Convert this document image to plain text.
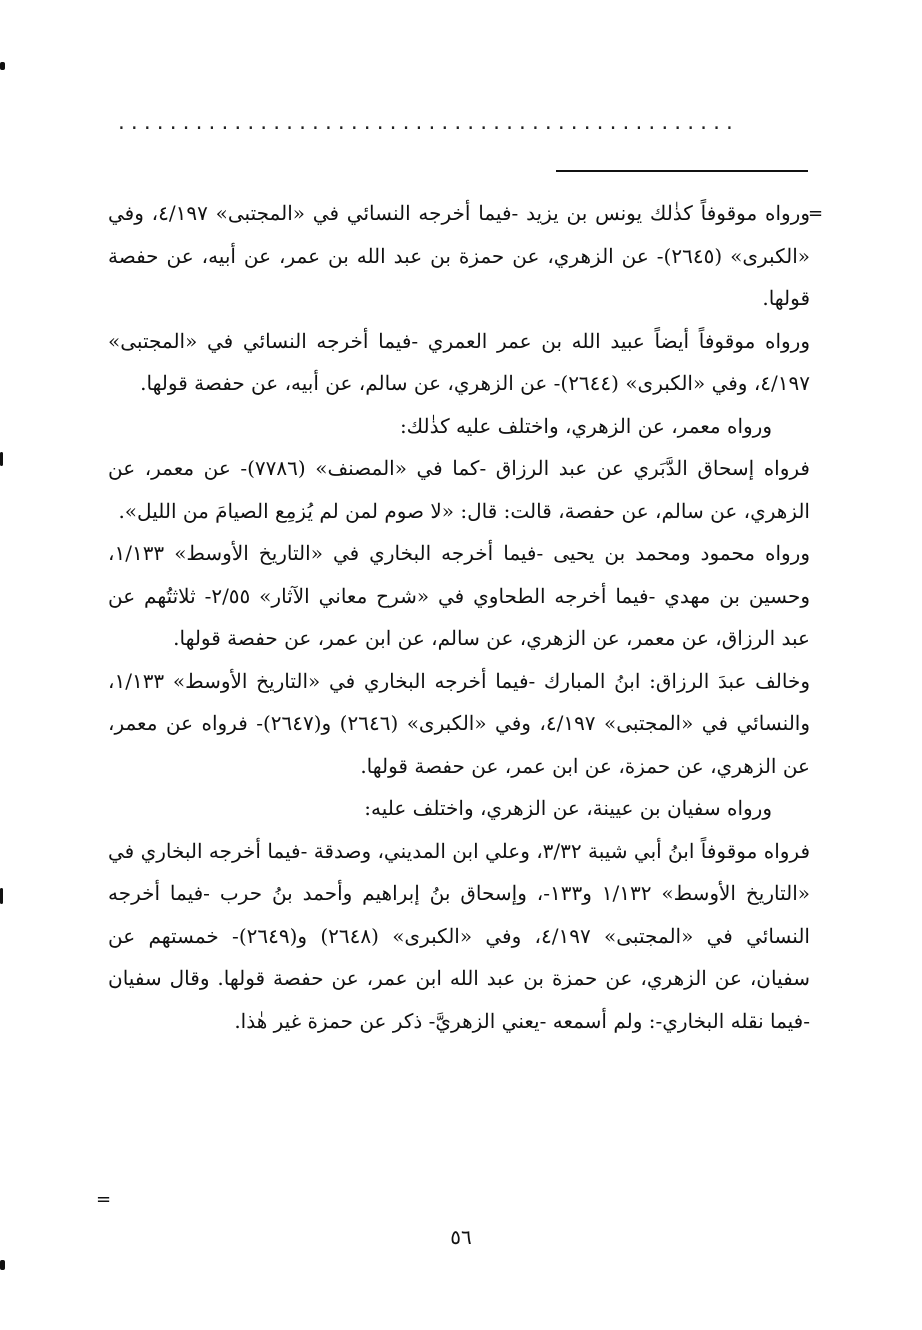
................................................
=

ورواه موقوفاً كذٰلك يونس بن يزيد -فيما أخرجه النسائي في «المجتبى» ٤/١٩٧، وفي «الكبرى» (٢٦٤٥)- عن الزهري، عن حمزة بن عبد الله بن عمر، عن أبيه، عن حفصة قولها.

ورواه موقوفاً أيضاً عبيد الله بن عمر العمري -فيما أخرجه النسائي في «المجتبى» ٤/١٩٧، وفي «الكبرى» (٢٦٤٤)- عن الزهري، عن سالم، عن أبيه، عن حفصة قولها.

ورواه معمر، عن الزهري، واختلف عليه كذٰلك:

فرواه إسحاق الدَّبَري عن عبد الرزاق -كما في «المصنف» (٧٧٨٦)- عن معمر، عن الزهري، عن سالم، عن حفصة، قالت: قال: «لا صوم لمن لم يُزمِع الصيامَ من الليل».

ورواه محمود ومحمد بن يحيى -فيما أخرجه البخاري في «التاريخ الأوسط» ١/١٣٣، وحسين بن مهدي -فيما أخرجه الطحاوي في «شرح معاني الآثار» ٢/٥٥- ثلاثتُهم عن عبد الرزاق، عن معمر، عن الزهري، عن سالم، عن ابن عمر، عن حفصة قولها.

وخالف عبدَ الرزاق: ابنُ المبارك -فيما أخرجه البخاري في «التاريخ الأوسط» ١/١٣٣، والنسائي في «المجتبى» ٤/١٩٧، وفي «الكبرى» (٢٦٤٦) و(٢٦٤٧)- فرواه عن معمر، عن الزهري، عن حمزة، عن ابن عمر، عن حفصة قولها.

ورواه سفيان بن عيينة، عن الزهري، واختلف عليه:

فرواه موقوفاً ابنُ أبي شيبة ٣/٣٢، وعلي ابن المديني، وصدقة -فيما أخرجه البخاري في «التاريخ الأوسط» ١/١٣٢ و١٣٣-، وإسحاق بنُ إبراهيم وأحمد بنُ حرب -فيما أخرجه النسائي في «المجتبى» ٤/١٩٧، وفي «الكبرى» (٢٦٤٨) و(٢٦٤٩)- خمستهم عن سفيان، عن الزهري، عن حمزة بن عبد الله ابن عمر، عن حفصة قولها. وقال سفيان -فيما نقله البخاري-: ولم أسمعه -يعني الزهريَّ- ذكر عن حمزة غير هٰذا.

=
٥٦
